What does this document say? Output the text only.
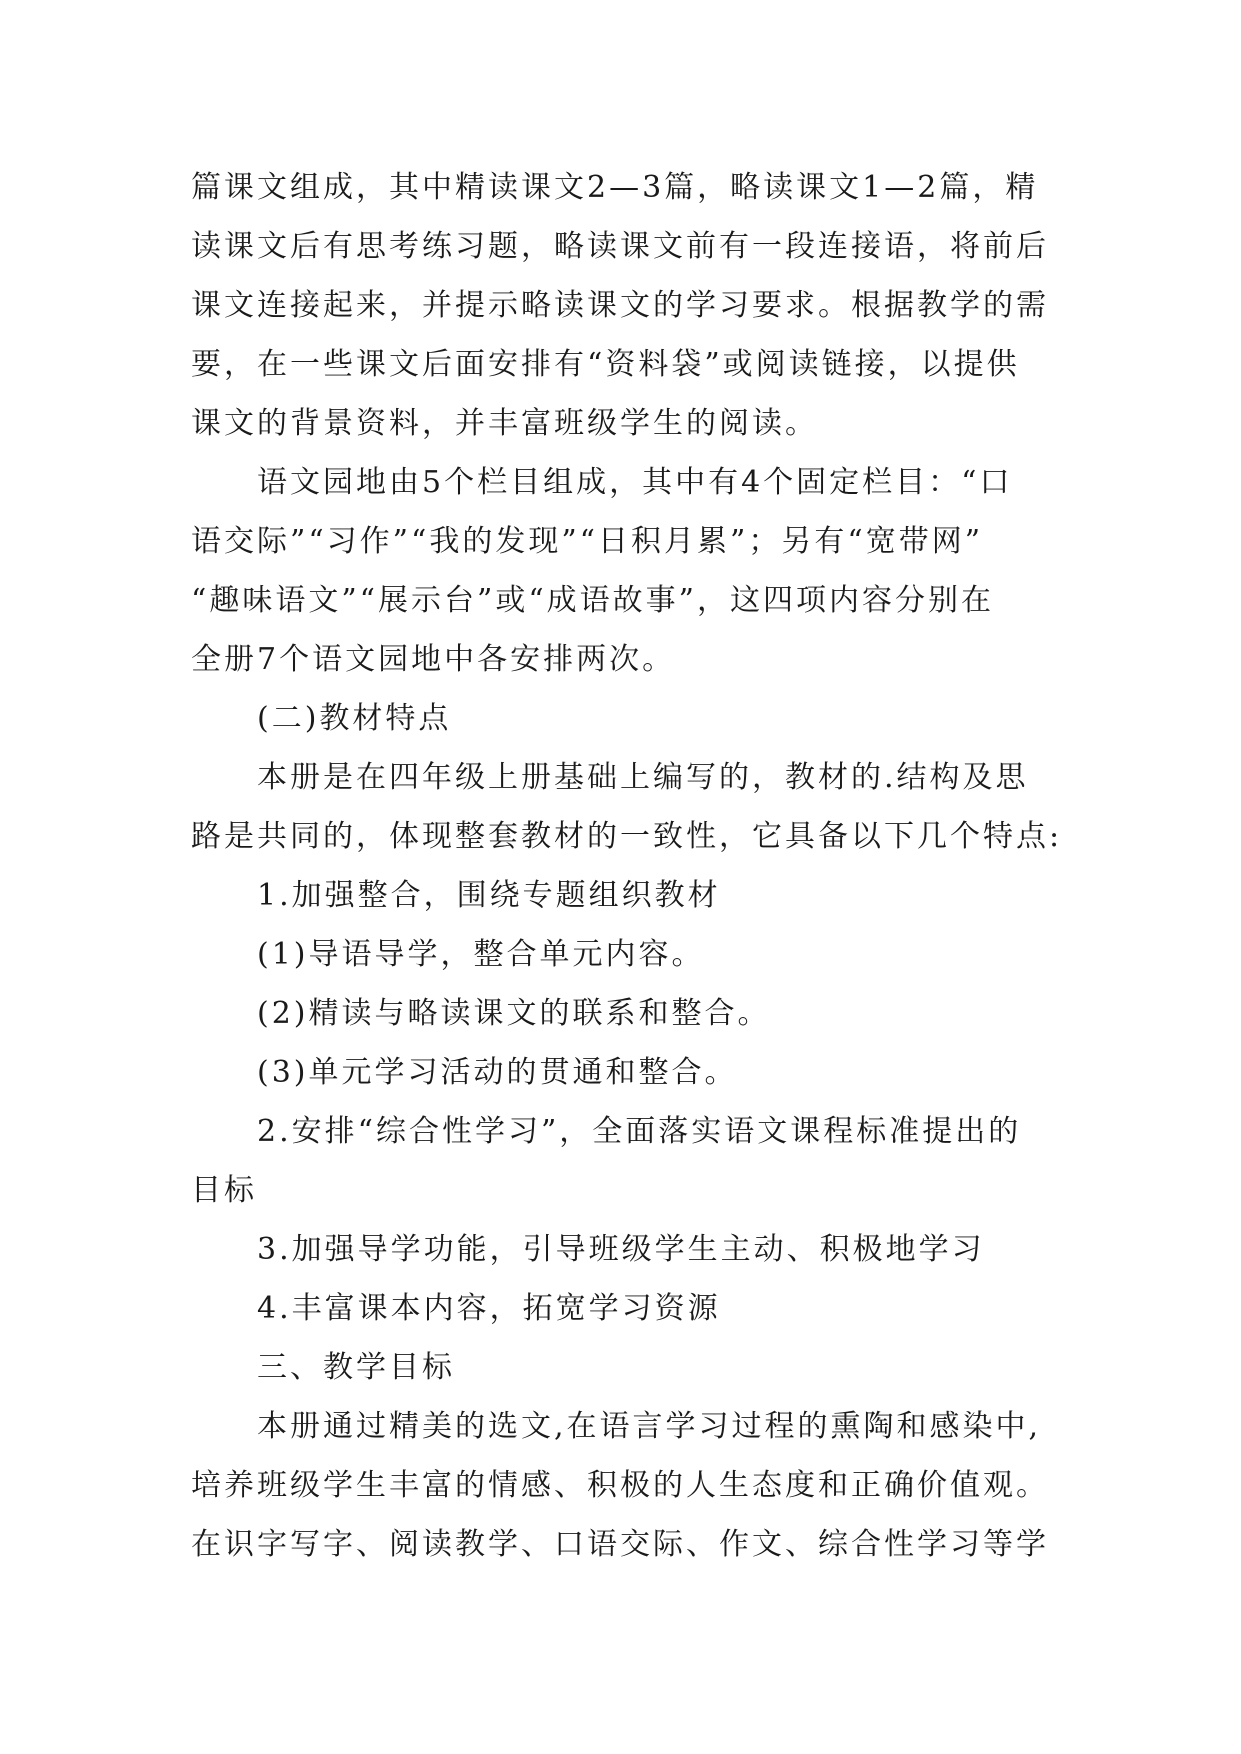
篇课文组成，其中精读课文2—3篇，略读课文1—2篇，精
读课文后有思考练习题，略读课文前有一段连接语，将前后
课文连接起来，并提示略读课文的学习要求。根据教学的需
要，在一些课文后面安排有“资料袋”或阅读链接，以提供
课文的背景资料，并丰富班级学生的阅读。
语文园地由5个栏目组成，其中有4个固定栏目：“口
语交际”“习作”“我的发现”“日积月累”；另有“宽带网”
“趣味语文”“展示台”或“成语故事”，这四项内容分别在
全册7个语文园地中各安排两次。
(二)教材特点
本册是在四年级上册基础上编写的，教材的.结构及思
路是共同的，体现整套教材的一致性，它具备以下几个特点:
1.加强整合，围绕专题组织教材
(1)导语导学，整合单元内容。
(2)精读与略读课文的联系和整合。
(3)单元学习活动的贯通和整合。
2.安排“综合性学习”，全面落实语文课程标准提出的
目标
3.加强导学功能，引导班级学生主动、积极地学习
4.丰富课本内容，拓宽学习资源
三、教学目标
本册通过精美的选文,在语言学习过程的熏陶和感染中,
培养班级学生丰富的情感、积极的人生态度和正确价值观。
在识字写字、阅读教学、口语交际、作文、综合性学习等学
